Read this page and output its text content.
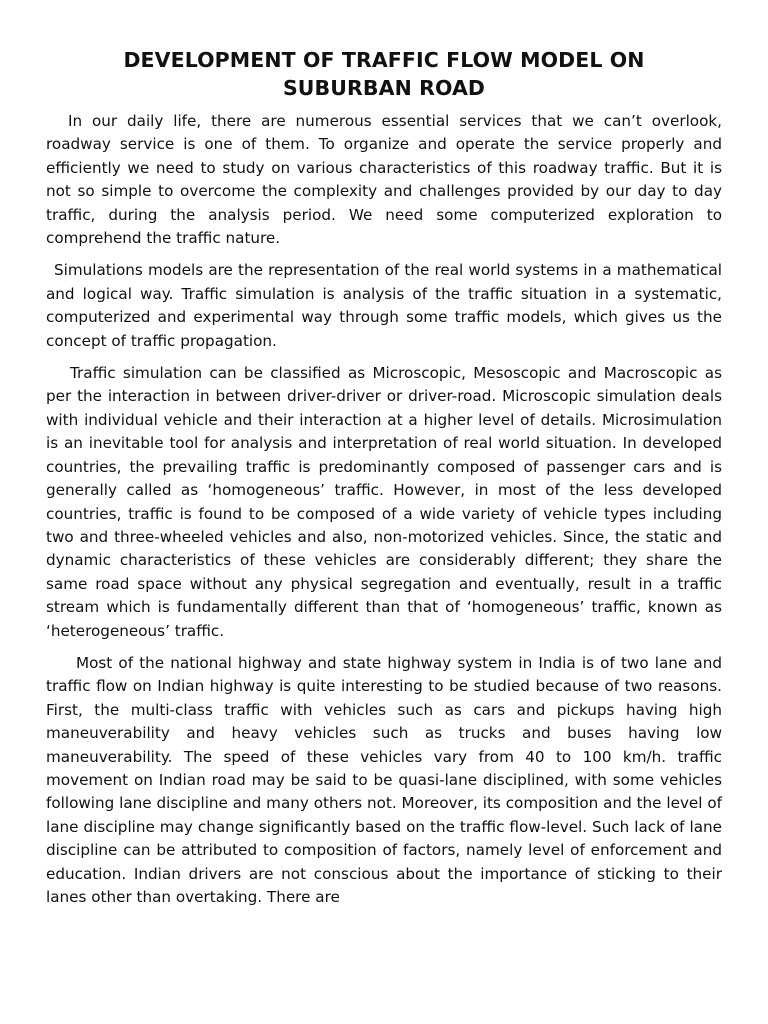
DEVELOPMENT OF TRAFFIC FLOW MODEL ON
SUBURBAN ROAD

In our daily life, there are numerous essential services that we can’t overlook, roadway service is one of them. To organize and operate the service properly and efficiently we need to study on various characteristics of this roadway traffic. But it is not so simple to overcome the complexity and challenges provided by our day to day traffic, during the analysis period. We need some computerized exploration to comprehend the traffic nature.

Simulations models are the representation of the real world systems in a mathematical and logical way. Traffic simulation is analysis of the traffic situation in a systematic, computerized and experimental way through some traffic models, which gives us the concept of traffic propagation.

Traffic simulation can be classified as Microscopic, Mesoscopic and Macroscopic as per the interaction in between driver-driver or driver-road. Microscopic simulation deals with individual vehicle and their interaction at a higher level of details. Microsimulation is an inevitable tool for analysis and interpretation of real world situation. In developed countries, the prevailing traffic is predominantly composed of passenger cars and is generally called as ‘homogeneous’ traffic. However, in most of the less developed countries, traffic is found to be composed of a wide variety of vehicle types including two and three-wheeled vehicles and also, non-motorized vehicles. Since, the static and dynamic characteristics of these vehicles are considerably different; they share the same road space without any physical segregation and eventually, result in a traffic stream which is fundamentally different than that of ‘homogeneous’ traffic, known as ‘heterogeneous’ traffic.

Most of the national highway and state highway system in India is of two lane and traffic flow on Indian highway is quite interesting to be studied because of two reasons. First, the multi-class traffic with vehicles such as cars and pickups having high maneuverability and heavy vehicles such as trucks and buses having low maneuverability. The speed of these vehicles vary from 40 to 100 km/h. traffic movement on Indian road may be said to be quasi-lane disciplined, with some vehicles following lane discipline and many others not. Moreover, its composition and the level of lane discipline may change significantly based on the traffic flow-level. Such lack of lane discipline can be attributed to composition of factors, namely level of enforcement and education. Indian drivers are not conscious about the importance of sticking to their lanes other than overtaking. There are
